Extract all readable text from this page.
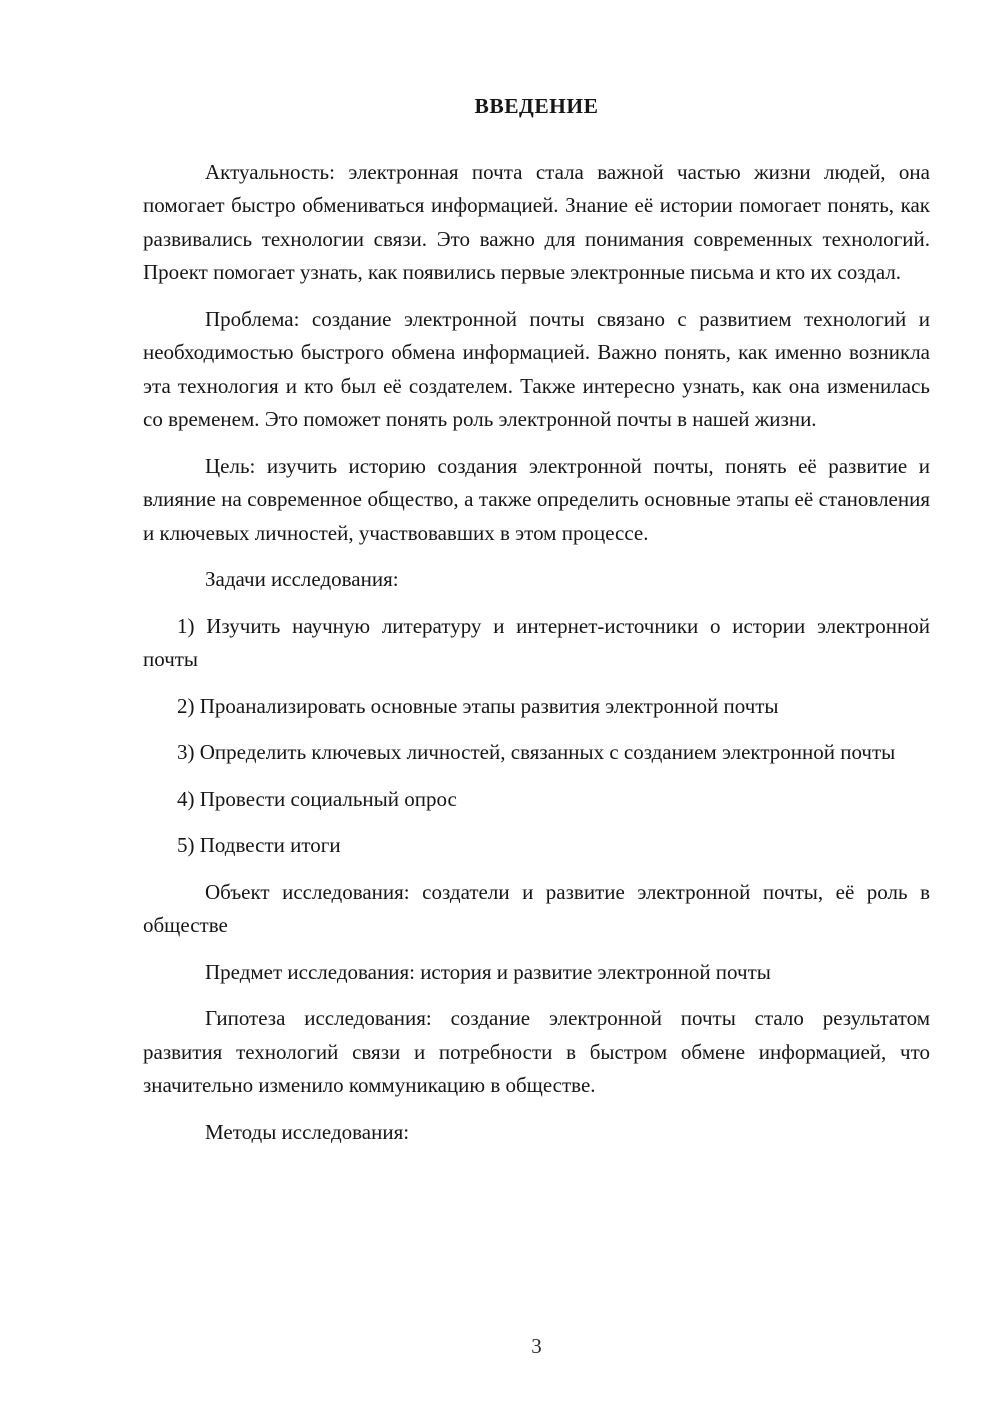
ВВЕДЕНИЕ

Актуальность: электронная почта стала важной частью жизни людей, она помогает быстро обмениваться информацией. Знание её истории помогает понять, как развивались технологии связи. Это важно для понимания современных технологий. Проект помогает узнать, как появились первые электронные письма и кто их создал.

Проблема: создание электронной почты связано с развитием технологий и необходимостью быстрого обмена информацией. Важно понять, как именно возникла эта технология и кто был её создателем. Также интересно узнать, как она изменилась со временем. Это поможет понять роль электронной почты в нашей жизни.

Цель: изучить историю создания электронной почты, понять её развитие и влияние на современное общество, а также определить основные этапы её становления и ключевых личностей, участвовавших в этом процессе.

Задачи исследования:

1) Изучить научную литературу и интернет-источники о истории электронной почты

2) Проанализировать основные этапы развития электронной почты

3) Определить ключевых личностей, связанных с созданием электронной почты

4) Провести социальный опрос

5) Подвести итоги

Объект исследования: создатели и развитие электронной почты, её роль в обществе

Предмет исследования: история и развитие электронной почты

Гипотеза исследования: создание электронной почты стало результатом развития технологий связи и потребности в быстром обмене информацией, что значительно изменило коммуникацию в обществе.

Методы исследования:

3
